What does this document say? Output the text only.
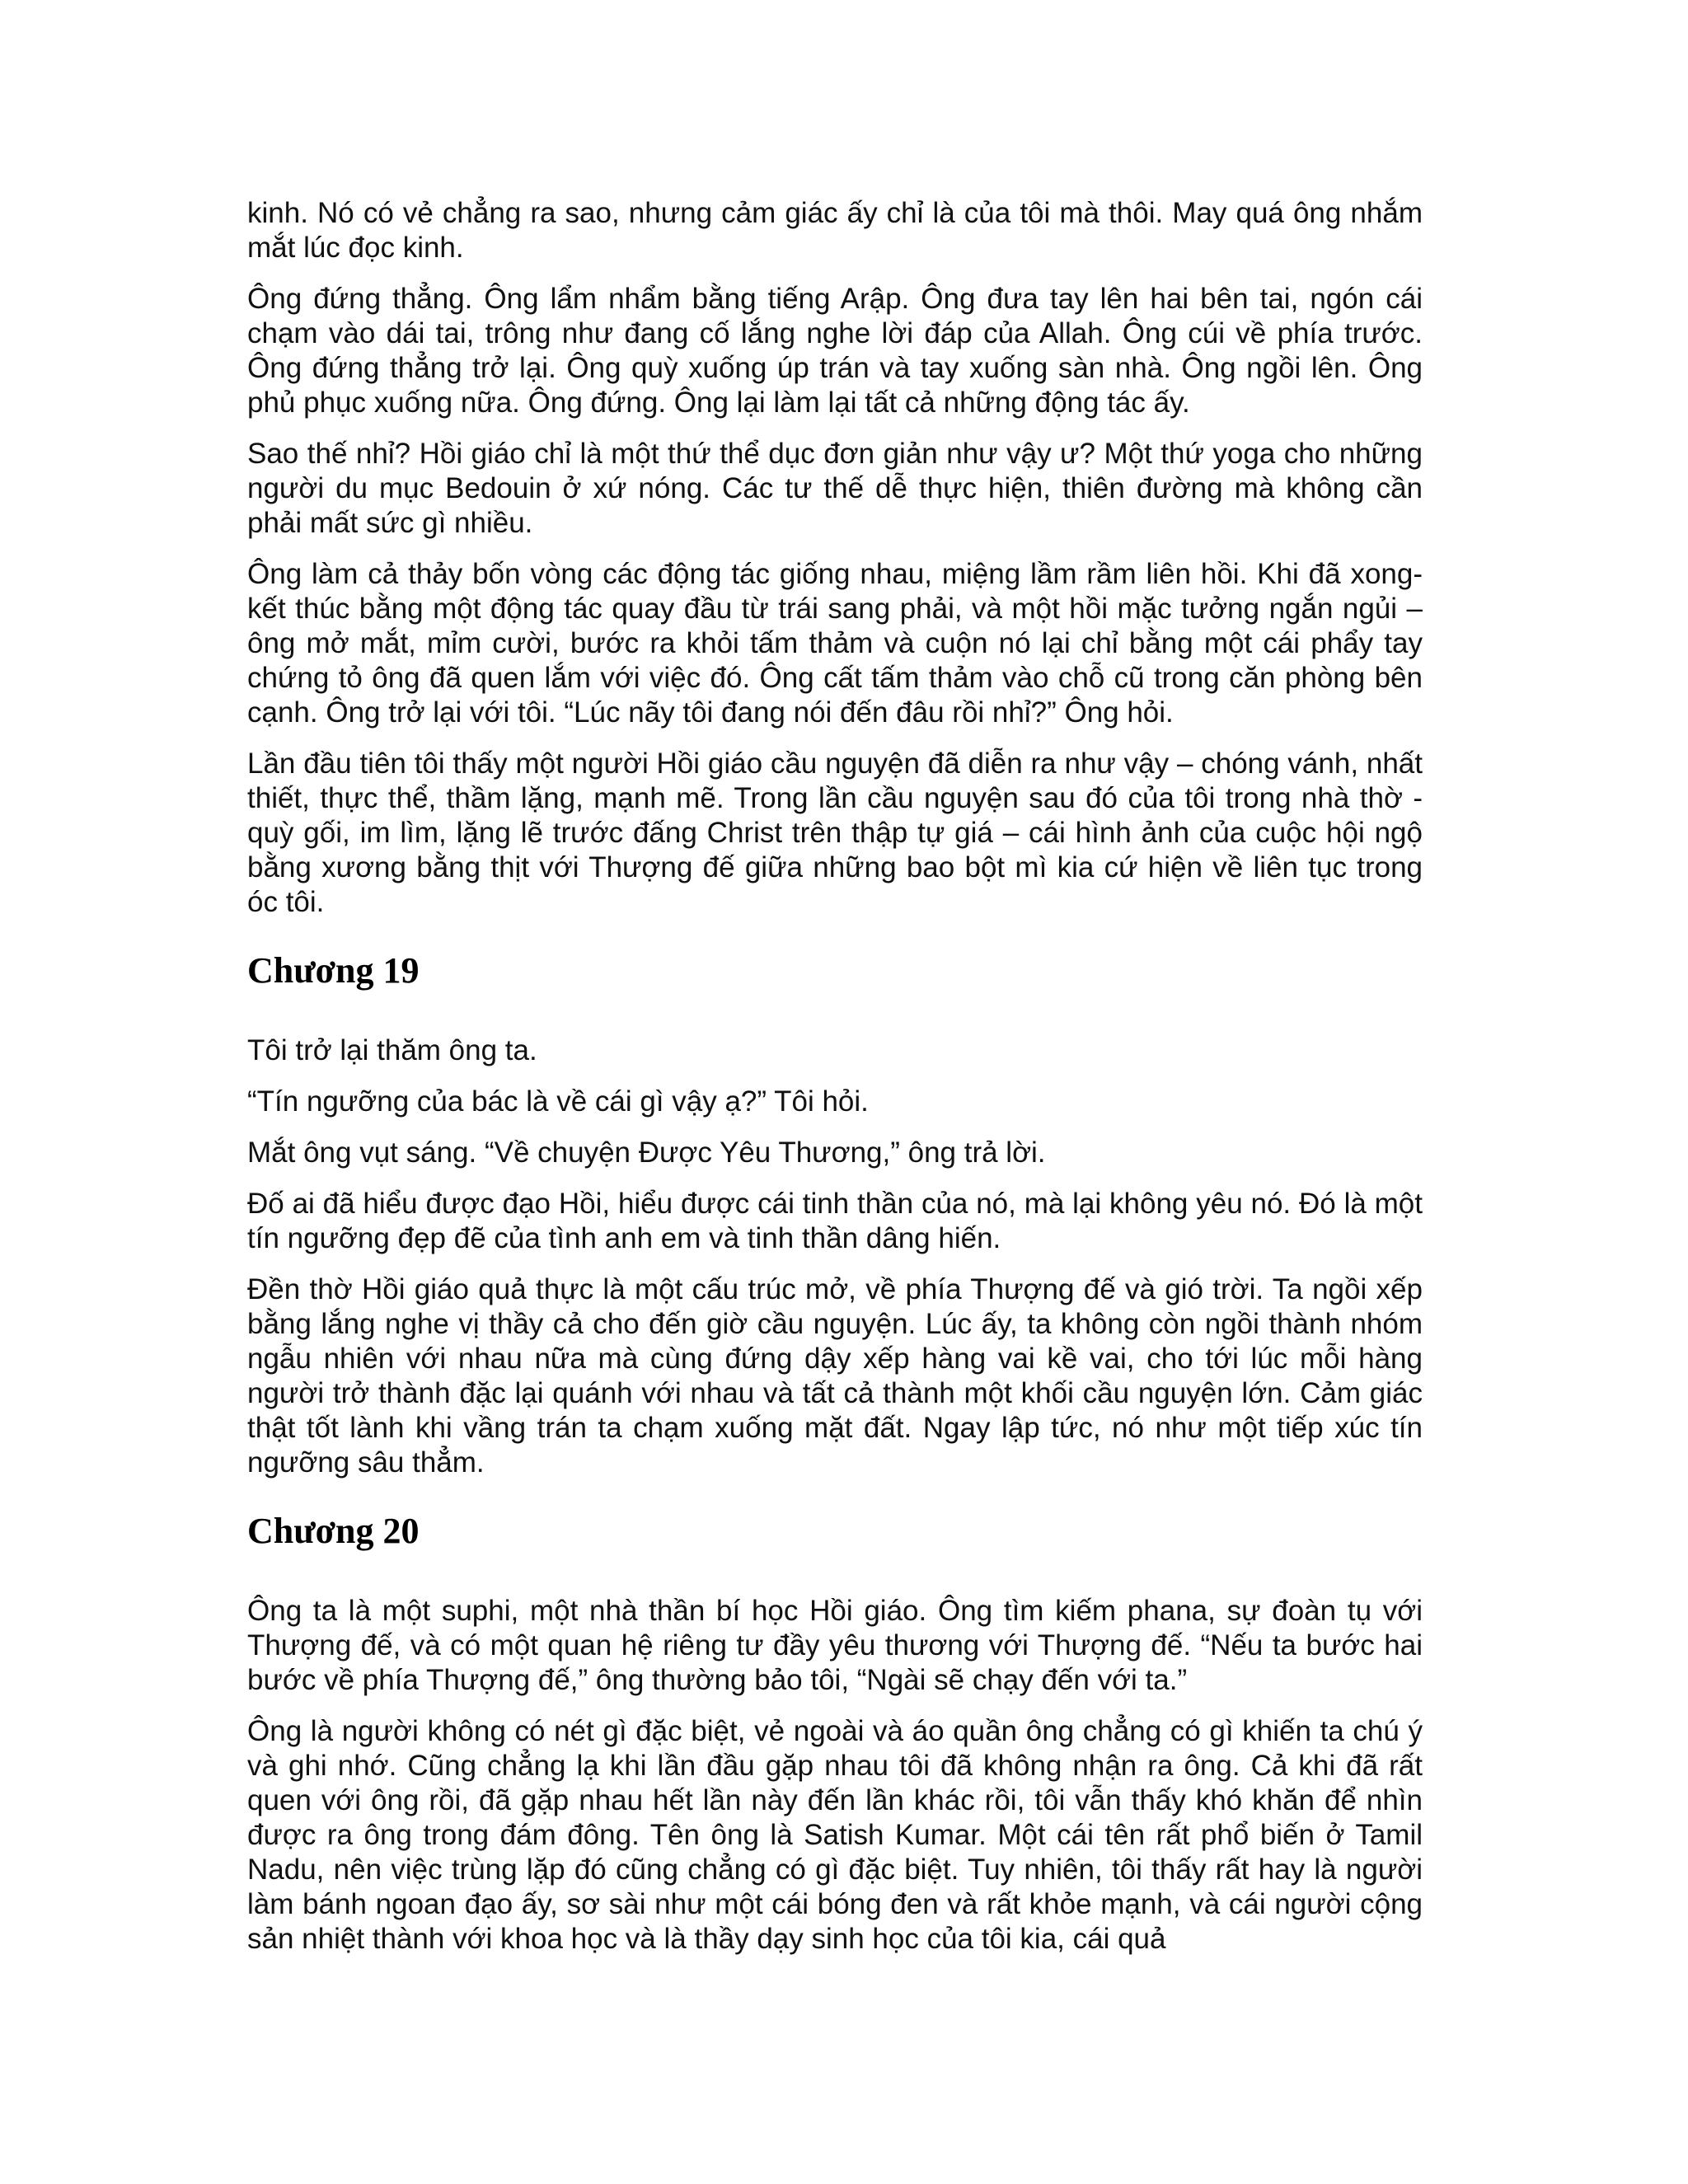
kinh. Nó có vẻ chẳng ra sao, nhưng cảm giác ấy chỉ là của tôi mà thôi. May quá ông nhắm mắt lúc đọc kinh.

Ông đứng thẳng. Ông lẩm nhẩm bằng tiếng Arập. Ông đưa tay lên hai bên tai, ngón cái chạm vào dái tai, trông như đang cố lắng nghe lời đáp của Allah. Ông cúi về phía trước. Ông đứng thẳng trở lại. Ông quỳ xuống úp trán và tay xuống sàn nhà. Ông ngồi lên. Ông phủ phục xuống nữa. Ông đứng. Ông lại làm lại tất cả những động tác ấy.

Sao thế nhỉ? Hồi giáo chỉ là một thứ thể dục đơn giản như vậy ư? Một thứ yoga cho những người du mục Bedouin ở xứ nóng. Các tư thế dễ thực hiện, thiên đường mà không cần phải mất sức gì nhiều.

Ông làm cả thảy bốn vòng các động tác giống nhau, miệng lầm rầm liên hồi. Khi đã xong- kết thúc bằng một động tác quay đầu từ trái sang phải, và một hồi mặc tưởng ngắn ngủi – ông mở mắt, mỉm cười, bước ra khỏi tấm thảm và cuộn nó lại chỉ bằng một cái phẩy tay chứng tỏ ông đã quen lắm với việc đó. Ông cất tấm thảm vào chỗ cũ trong căn phòng bên cạnh. Ông trở lại với tôi. “Lúc nãy tôi đang nói đến đâu rồi nhỉ?” Ông hỏi.

Lần đầu tiên tôi thấy một người Hồi giáo cầu nguyện đã diễn ra như vậy – chóng vánh, nhất thiết, thực thể, thầm lặng, mạnh mẽ. Trong lần cầu nguyện sau đó của tôi trong nhà thờ - quỳ gối, im lìm, lặng lẽ trước đấng Christ trên thập tự giá – cái hình ảnh của cuộc hội ngộ bằng xương bằng thịt với Thượng đế giữa những bao bột mì kia cứ hiện về liên tục trong óc tôi.

Chương 19

Tôi trở lại thăm ông ta.

“Tín ngưỡng của bác là về cái gì vậy ạ?” Tôi hỏi.

Mắt ông vụt sáng. “Về chuyện Được Yêu Thương,” ông trả lời.

Đố ai đã hiểu được đạo Hồi, hiểu được cái tinh thần của nó, mà lại không yêu nó. Đó là một tín ngưỡng đẹp đẽ của tình anh em và tinh thần dâng hiến.

Đền thờ Hồi giáo quả thực là một cấu trúc mở, về phía Thượng đế và gió trời. Ta ngồi xếp bằng lắng nghe vị thầy cả cho đến giờ cầu nguyện. Lúc ấy, ta không còn ngồi thành nhóm ngẫu nhiên với nhau nữa mà cùng đứng dậy xếp hàng vai kề vai, cho tới lúc mỗi hàng người trở thành đặc lại quánh với nhau và tất cả thành một khối cầu nguyện lớn. Cảm giác thật tốt lành khi vầng trán ta chạm xuống mặt đất. Ngay lập tức, nó như một tiếp xúc tín ngưỡng sâu thẳm.

Chương 20

Ông ta là một suphi, một nhà thần bí học Hồi giáo. Ông tìm kiếm phana, sự đoàn tụ với Thượng đế, và có một quan hệ riêng tư đầy yêu thương với Thượng đế. “Nếu ta bước hai bước về phía Thượng đế,” ông thường bảo tôi, “Ngài sẽ chạy đến với ta.”

Ông là người không có nét gì đặc biệt, vẻ ngoài và áo quần ông chẳng có gì khiến ta chú ý và ghi nhớ. Cũng chẳng lạ khi lần đầu gặp nhau tôi đã không nhận ra ông. Cả khi đã rất quen với ông rồi, đã gặp nhau hết lần này đến lần khác rồi, tôi vẫn thấy khó khăn để nhìn được ra ông trong đám đông. Tên ông là Satish Kumar. Một cái tên rất phổ biến ở Tamil Nadu, nên việc trùng lặp đó cũng chẳng có gì đặc biệt. Tuy nhiên, tôi thấy rất hay là người làm bánh ngoan đạo ấy, sơ sài như một cái bóng đen và rất khỏe mạnh, và cái người cộng sản nhiệt thành với khoa học và là thầy dạy sinh học của tôi kia, cái quả
